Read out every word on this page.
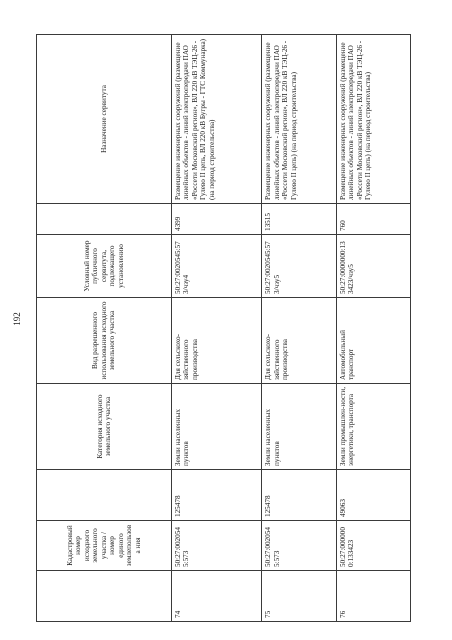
192
	Кадастровый номер исходного земельного участка / номер единого землепользова ния		Категория исходного земельного участка	Вид разрешенного использования исходного земельного участка	Условный номер публичного сервитута, подлежащего установлению		Назначение сервитута
74	50:27:0020545:573	125478	Земли населенных пунктов	Для сельскохо-зяйственного производства	50:27:0020545:573/чзу4	4399	Размещение инженерных сооружений (размещение линейных объектов - линий электропередачи ПАО «Россети Московский регион», ВЛ 220 кВ ТЭЦ-26 - Гулево II цепь, ВЛ 220 кВ Бугры - ГТС Коммунарка) (на период строительства)
75	50:27:0020545:573	125478	Земли населенных пунктов	Для сельскохо-зяйственного производства	50:27:0020545:573/чзу5	13515	Размещение инженерных сооружений (размещение линейных объектов - линий электропередачи ПАО «Россети Московский регион», ВЛ 220 кВ ТЭЦ-26 - Гулево II цепь) (на период строительства)
76	50:27:0000000:133423	49063	Земли промышлен-ности, энергетики, транспорта	Автомобильный транспорт	50:27:0000000:133423/чзу5	760	Размещение инженерных сооружений (размещение линейных объектов - линий электропередачи ПАО «Россети Московский регион», ВЛ 220 кВ ТЭЦ-26 - Гулево II цепь) (на период строительства)
